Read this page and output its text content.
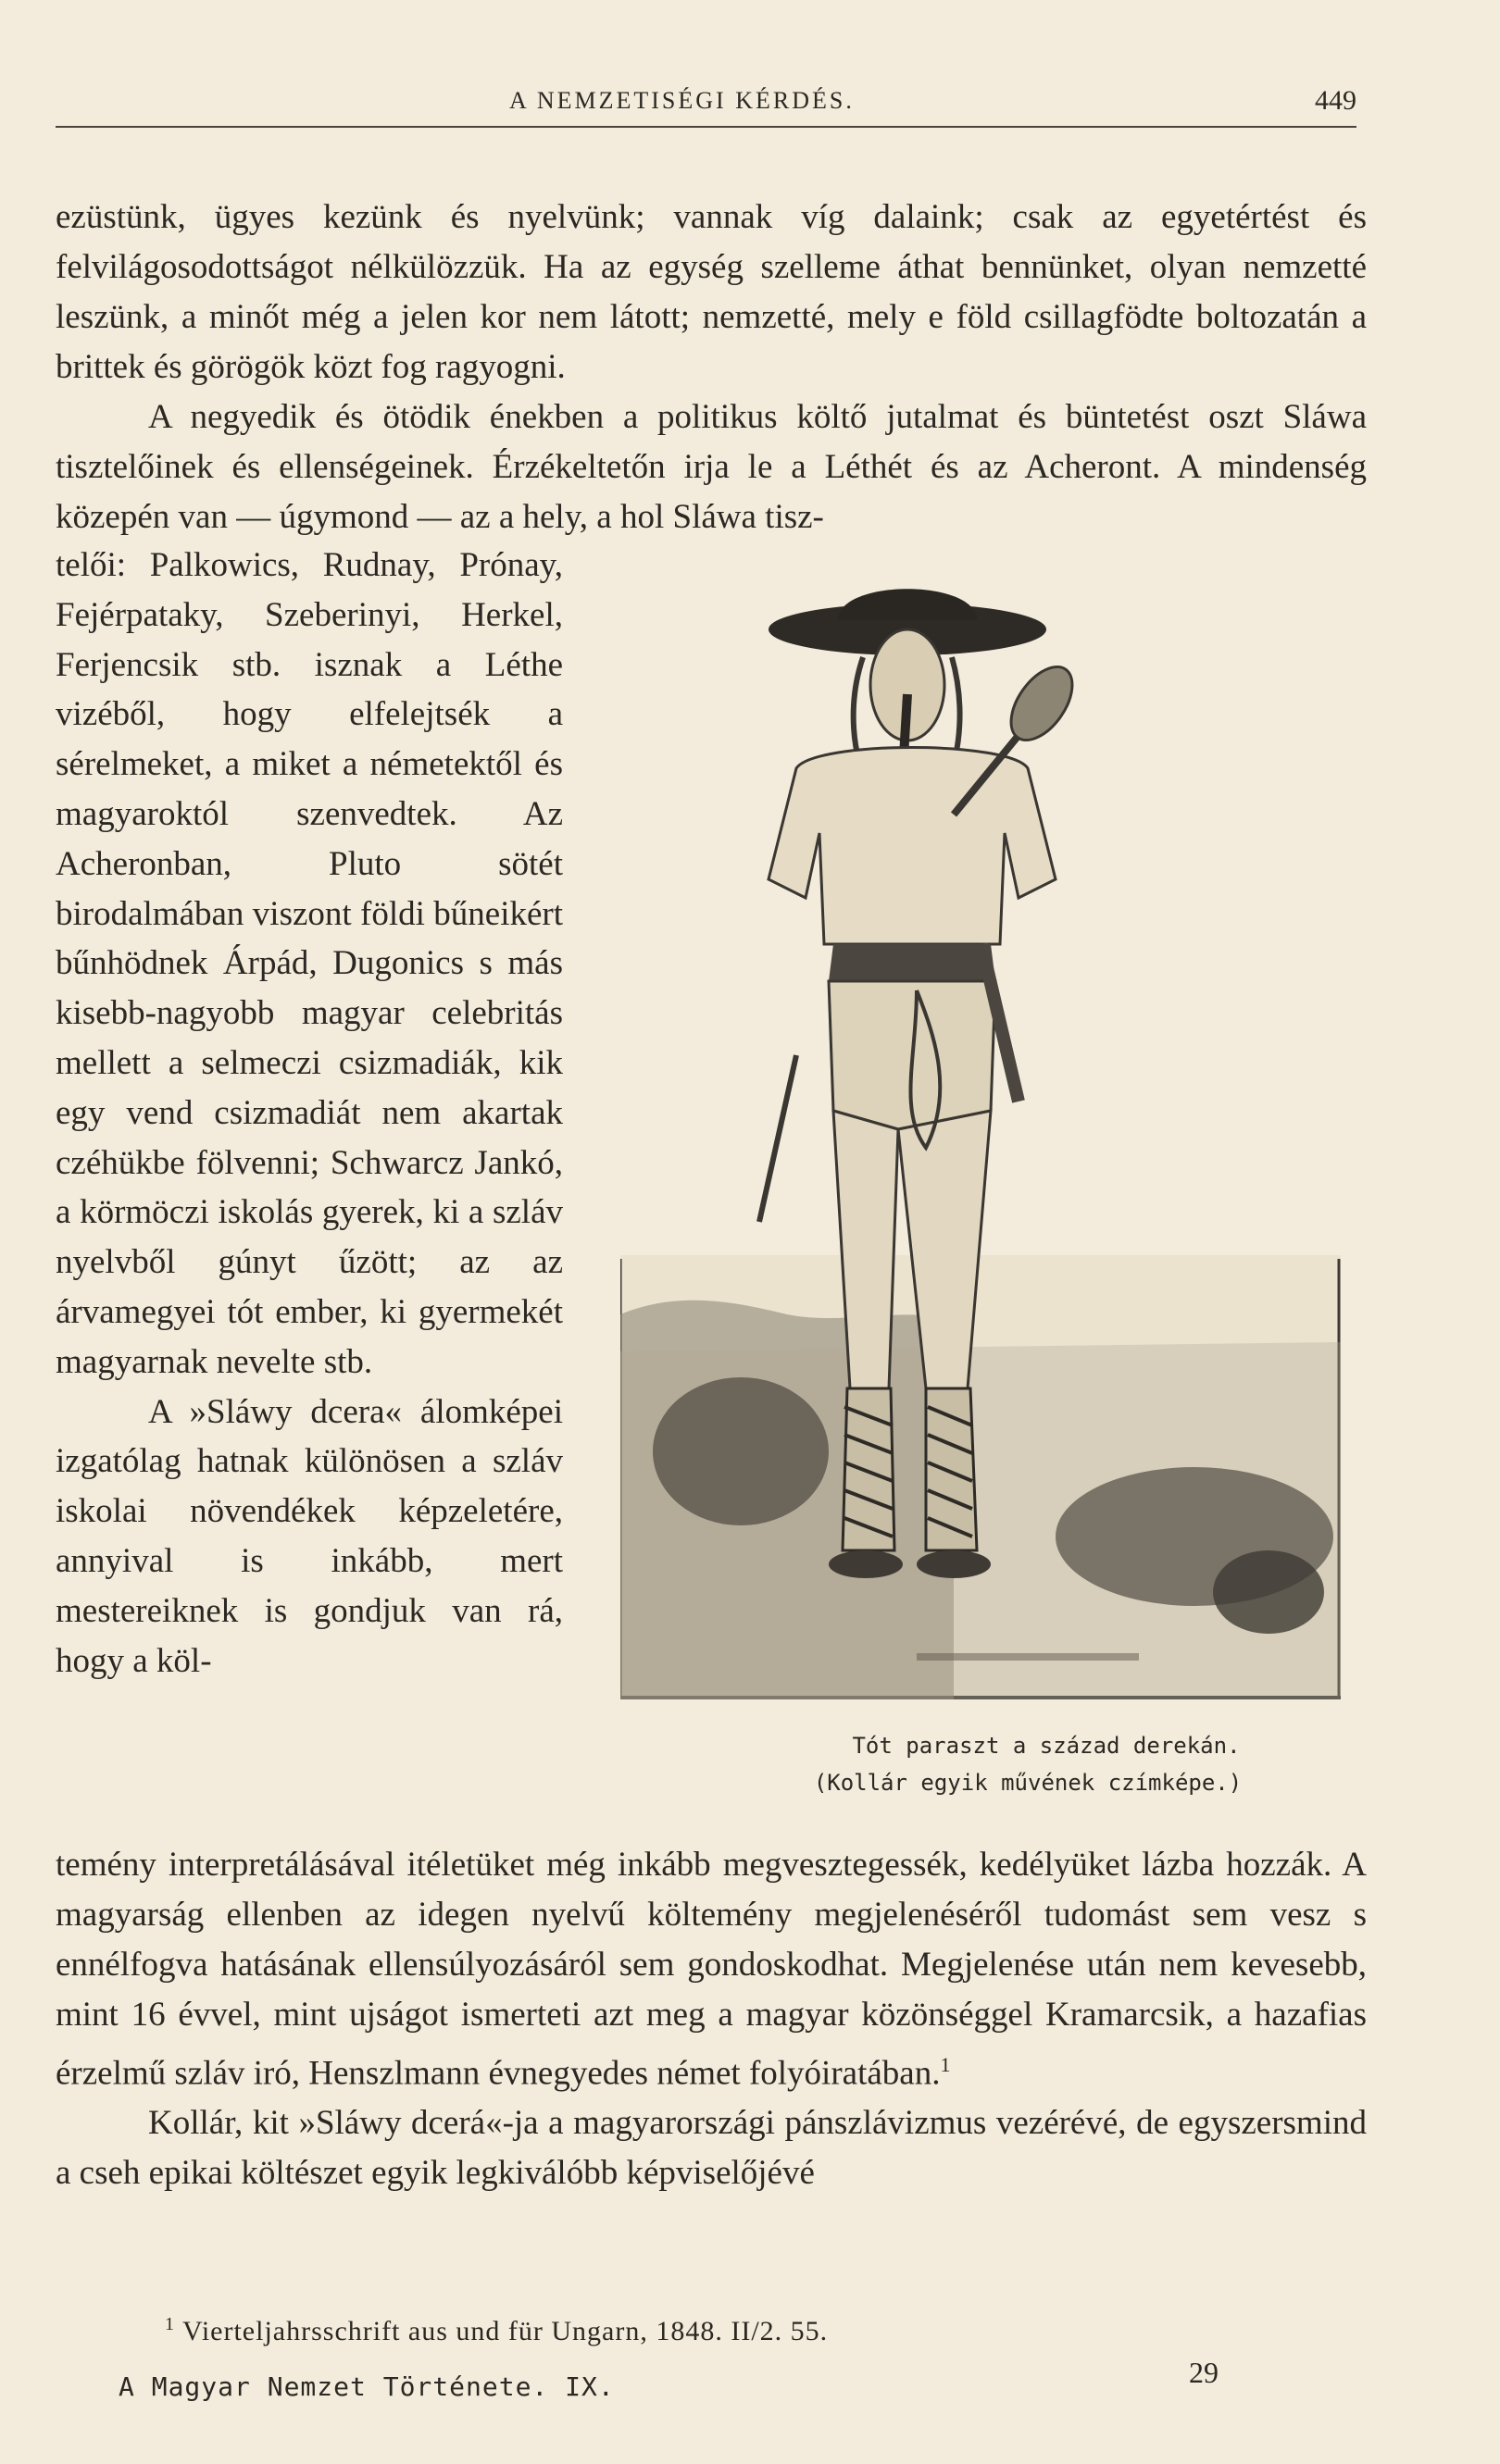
A NEMZETISÉGI KÉRDÉS.	449

ezüstünk, ügyes kezünk és nyelvünk; vannak víg dalaink; csak az egyetértést és felvilágosodottságot nélkülözzük. Ha az egység szelleme áthat bennünket, olyan nemzetté leszünk, a minőt még a jelen kor nem látott; nemzetté, mely e föld csillagfödte boltozatán a brittek és görögök közt fog ragyogni.

A negyedik és ötödik énekben a politikus költő jutalmat és büntetést oszt Sláwa tisztelőinek és ellenségeinek. Érzékeltetőn irja le a Léthét és az Acheront. A mindenség közepén van — úgymond — az a hely, a hol Sláwa tisz-

telői: Palkowics, Rudnay, Prónay, Fejérpataky, Szeberinyi, Herkel, Ferjencsik stb. isznak a Léthe vizéből, hogy elfelejtsék a sérelmeket, a miket a németektől és magyaroktól szenvedtek. Az Acheronban, Pluto sötét birodalmában viszont földi bűneikért bűnhödnek Árpád, Dugonics s más kisebb-nagyobb magyar celebritás mellett a selmeczi csizmadiák, kik egy vend csizmadiát nem akartak czéhükbe fölvenni; Schwarcz Jankó, a körmöczi iskolás gyerek, ki a szláv nyelvből gúnyt űzött; az az árvamegyei tót ember, ki gyermekét magyarnak nevelte stb.

A »Sláwy dcera« álomképei izgatólag hatnak különösen a szláv iskolai növendékek képzeletére, annyival is inkább, mert mestereiknek is gondjuk van rá, hogy a köl-

Tót paraszt a század derekán.
(Kollár egyik művének czímképe.)

temény interpretálásával itéletüket még inkább megvesztegessék, kedélyüket lázba hozzák. A magyarság ellenben az idegen nyelvű költemény megjelenéséről tudomást sem vesz s ennélfogva hatásának ellensúlyozásáról sem gondoskodhat. Megjelenése után nem kevesebb, mint 16 évvel, mint ujságot ismerteti azt meg a magyar közönséggel Kramarcsik, a hazafias érzelmű szláv iró, Henszlmann évnegyedes német folyóiratában.$^1$

Kollár, kit »Sláwy dcerá«-ja a magyarországi pánszlávizmus vezérévé, de egyszersmind a cseh epikai költészet egyik legkiválóbb képviselőjévé

$^1$ Vierteljahrsschrift aus und für Ungarn, 1848. II/2. 55.
A Magyar Nemzet Története. IX.	29
